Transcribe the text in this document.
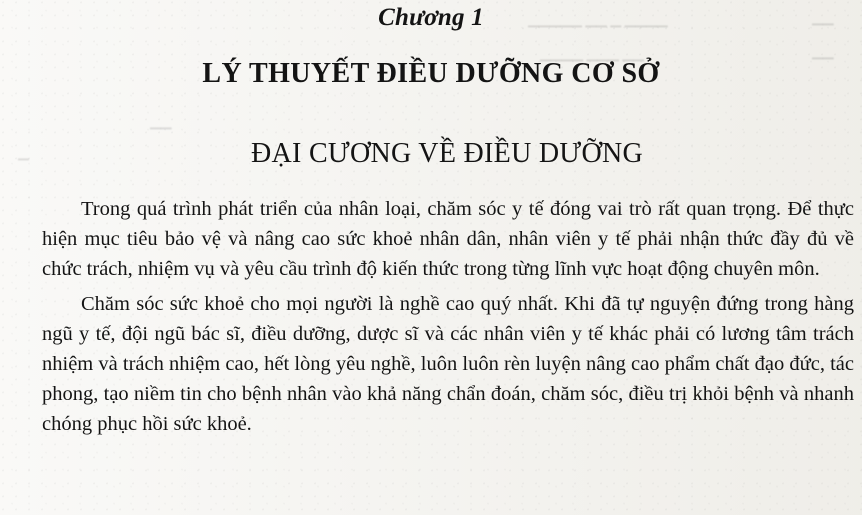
▁▁▁▁▁ ▁▁ ▁ ▁▁▁▁
▁▁▁▁ ▁▁▁ ▁▁
▁▁
▁▁
▁
▁▁
Chương 1
LÝ THUYẾT ĐIỀU DƯỠNG CƠ SỞ
ĐẠI CƯƠNG VỀ ĐIỀU DƯỠNG

Trong quá trình phát triển của nhân loại, chăm sóc y tế đóng vai trò rất quan trọng. Để thực hiện mục tiêu bảo vệ và nâng cao sức khoẻ nhân dân, nhân viên y tế phải nhận thức đầy đủ về chức trách, nhiệm vụ và yêu cầu trình độ kiến thức trong từng lĩnh vực hoạt động chuyên môn.

Chăm sóc sức khoẻ cho mọi người là nghề cao quý nhất. Khi đã tự nguyện đứng trong hàng ngũ y tế, đội ngũ bác sĩ, điều dưỡng, dược sĩ và các nhân viên y tế khác phải có lương tâm trách nhiệm và trách nhiệm cao, hết lòng yêu nghề, luôn luôn rèn luyện nâng cao phẩm chất đạo đức, tác phong, tạo niềm tin cho bệnh nhân vào khả năng chẩn đoán, chăm sóc, điều trị khỏi bệnh và nhanh chóng phục hồi sức khoẻ.
